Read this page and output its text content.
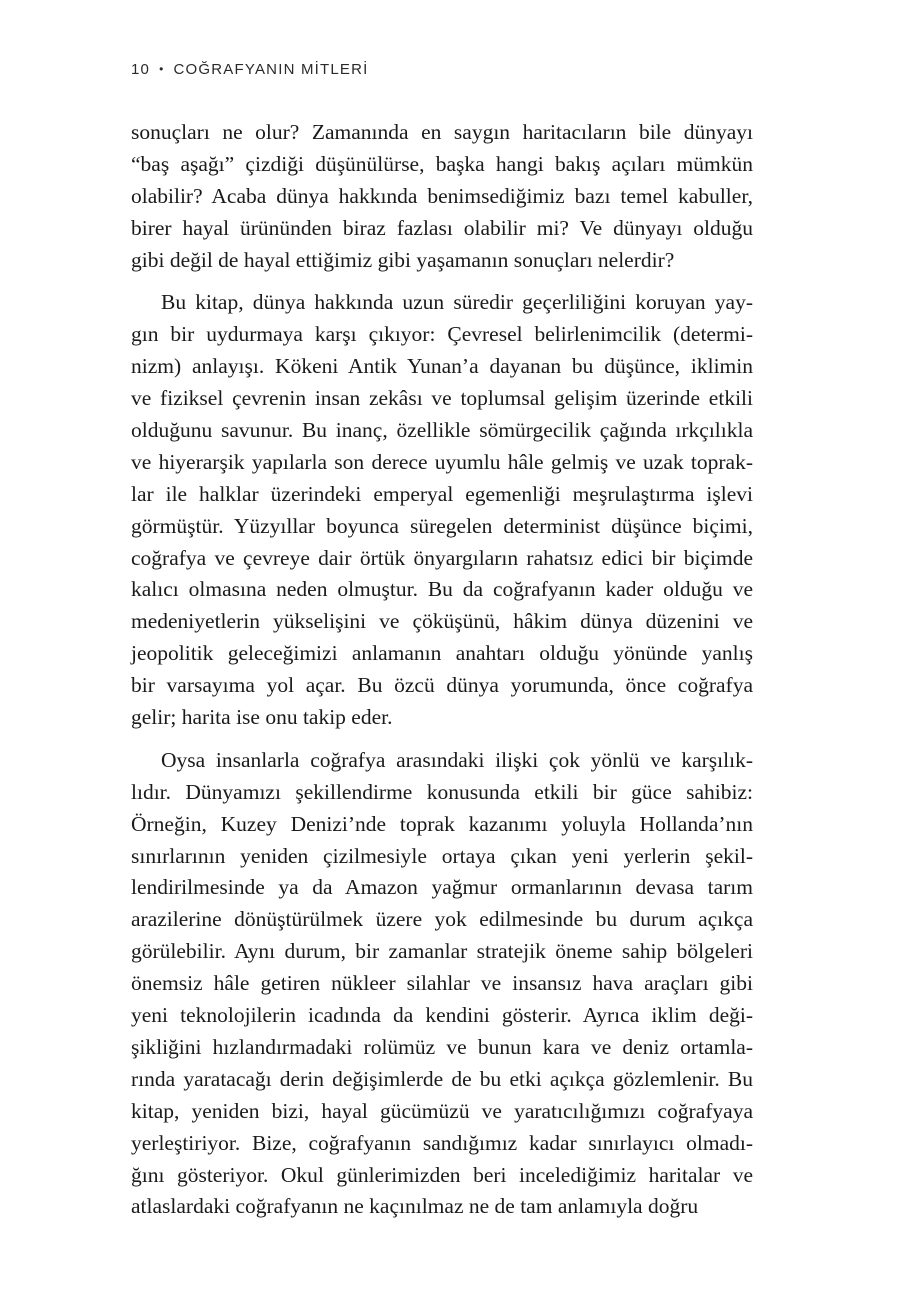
10 • COĞRAFYANIN MİTLERİ
sonuçları ne olur? Zamanında en saygın haritacıların bile dünyayı
“baş aşağı” çizdiği düşünülürse, başka hangi bakış açıları mümkün
olabilir? Acaba dünya hakkında benimsediğimiz bazı temel kabuller,
birer hayal ürününden biraz fazlası olabilir mi? Ve dünyayı olduğu
gibi değil de hayal ettiğimiz gibi yaşamanın sonuçları nelerdir?
Bu kitap, dünya hakkında uzun süredir geçerliliğini koruyan yay-
gın bir uydurmaya karşı çıkıyor: Çevresel belirlenimcilik (determi-
nizm) anlayışı. Kökeni Antik Yunan’a dayanan bu düşünce, iklimin
ve fiziksel çevrenin insan zekâsı ve toplumsal gelişim üzerinde etkili
olduğunu savunur. Bu inanç, özellikle sömürgecilik çağında ırkçılıkla
ve hiyerarşik yapılarla son derece uyumlu hâle gelmiş ve uzak toprak-
lar ile halklar üzerindeki emperyal egemenliği meşrulaştırma işlevi
görmüştür. Yüzyıllar boyunca süregelen determinist düşünce biçimi,
coğrafya ve çevreye dair örtük önyargıların rahatsız edici bir biçimde
kalıcı olmasına neden olmuştur. Bu da coğrafyanın kader olduğu ve
medeniyetlerin yükselişini ve çöküşünü, hâkim dünya düzenini ve
jeopolitik geleceğimizi anlamanın anahtarı olduğu yönünde yanlış
bir varsayıma yol açar. Bu özcü dünya yorumunda, önce coğrafya
gelir; harita ise onu takip eder.
Oysa insanlarla coğrafya arasındaki ilişki çok yönlü ve karşılık-
lıdır. Dünyamızı şekillendirme konusunda etkili bir güce sahibiz:
Örneğin, Kuzey Denizi’nde toprak kazanımı yoluyla Hollanda’nın
sınırlarının yeniden çizilmesiyle ortaya çıkan yeni yerlerin şekil-
lendirilmesinde ya da Amazon yağmur ormanlarının devasa tarım
arazilerine dönüştürülmek üzere yok edilmesinde bu durum açıkça
görülebilir. Aynı durum, bir zamanlar stratejik öneme sahip bölgeleri
önemsiz hâle getiren nükleer silahlar ve insansız hava araçları gibi
yeni teknolojilerin icadında da kendini gösterir. Ayrıca iklim deği-
şikliğini hızlandırmadaki rolümüz ve bunun kara ve deniz ortamla-
rında yaratacağı derin değişimlerde de bu etki açıkça gözlemlenir. Bu
kitap, yeniden bizi, hayal gücümüzü ve yaratıcılığımızı coğrafyaya
yerleştiriyor. Bize, coğrafyanın sandığımız kadar sınırlayıcı olmadı-
ğını gösteriyor. Okul günlerimizden beri incelediğimiz haritalar ve
atlaslardaki coğrafyanın ne kaçınılmaz ne de tam anlamıyla doğru
